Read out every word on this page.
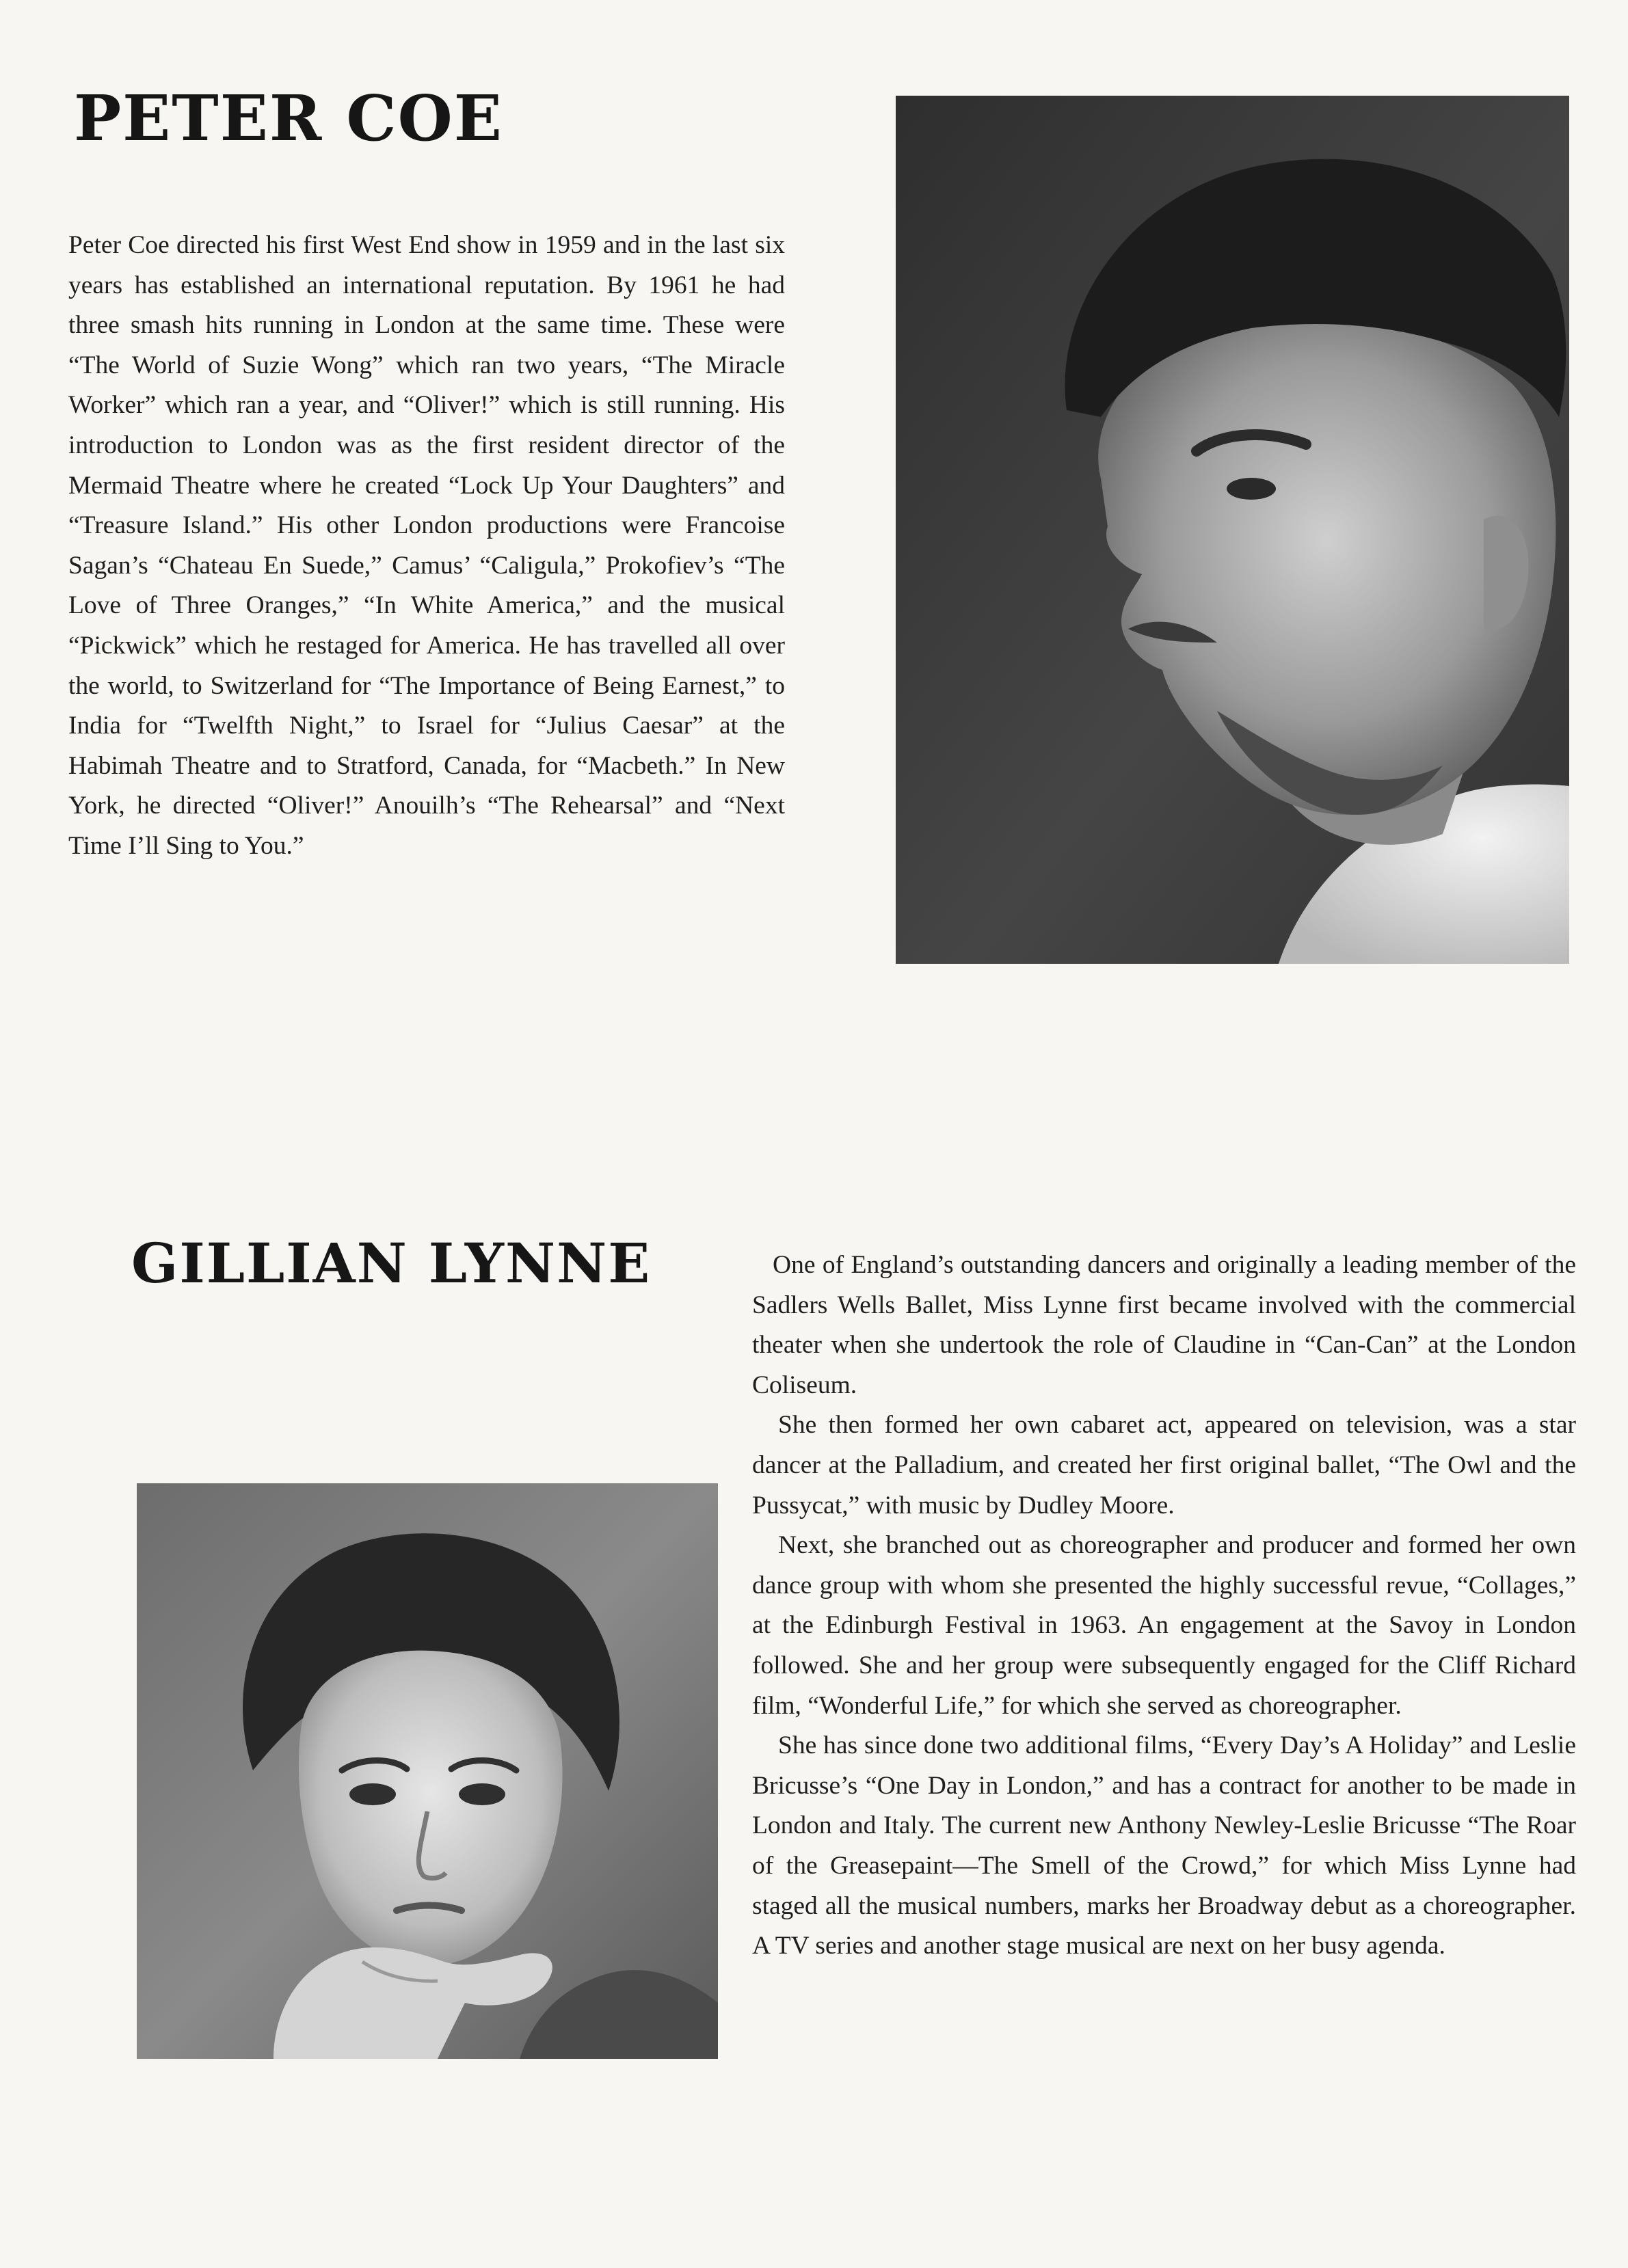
PETER COE

Peter Coe directed his first West End show in 1959 and in the last six years has established an international reputation. By 1961 he had three smash hits running in London at the same time. These were “The World of Suzie Wong” which ran two years, “The Miracle Worker” which ran a year, and “Oliver!” which is still running. His introduction to London was as the first resident director of the Mermaid Theatre where he created “Lock Up Your Daughters” and “Treasure Island.” His other London productions were Francoise Sagan’s “Chateau En Suede,” Camus’ “Caligula,” Prokofiev’s “The Love of Three Oranges,” “In White America,” and the musical “Pickwick” which he restaged for America. He has travelled all over the world, to Switzerland for “The Importance of Being Earnest,” to India for “Twelfth Night,” to Israel for “Julius Caesar” at the Habimah Theatre and to Stratford, Canada, for “Macbeth.” In New York, he directed “Oliver!” Anouilh’s “The Rehearsal” and “Next Time I’ll Sing to You.”

GILLIAN LYNNE	One of England’s outstanding dancers and originally a leading member of the Sadlers Wells Ballet, Miss Lynne first became involved with the commercial theater when she undertook the role of Claudine in “Can-Can” at the London Coliseum.

She then formed her own cabaret act, appeared on television, was a star dancer at the Palladium, and created her first original ballet, “The Owl and the Pussycat,” with music by Dudley Moore.

Next, she branched out as choreographer and producer and formed her own dance group with whom she presented the highly successful revue, “Collages,” at the Edinburgh Festival in 1963. An engagement at the Savoy in London followed. She and her group were subsequently engaged for the Cliff Richard film, “Wonderful Life,” for which she served as choreographer.

She has since done two additional films, “Every Day’s A Holiday” and Leslie Bricusse’s “One Day in London,” and has a contract for another to be made in London and Italy. The current new Anthony Newley-Leslie Bricusse “The Roar of the Greasepaint—The Smell of the Crowd,” for which Miss Lynne had staged all the musical numbers, marks her Broadway debut as a choreographer. A TV series and another stage musical are next on her busy agenda.
